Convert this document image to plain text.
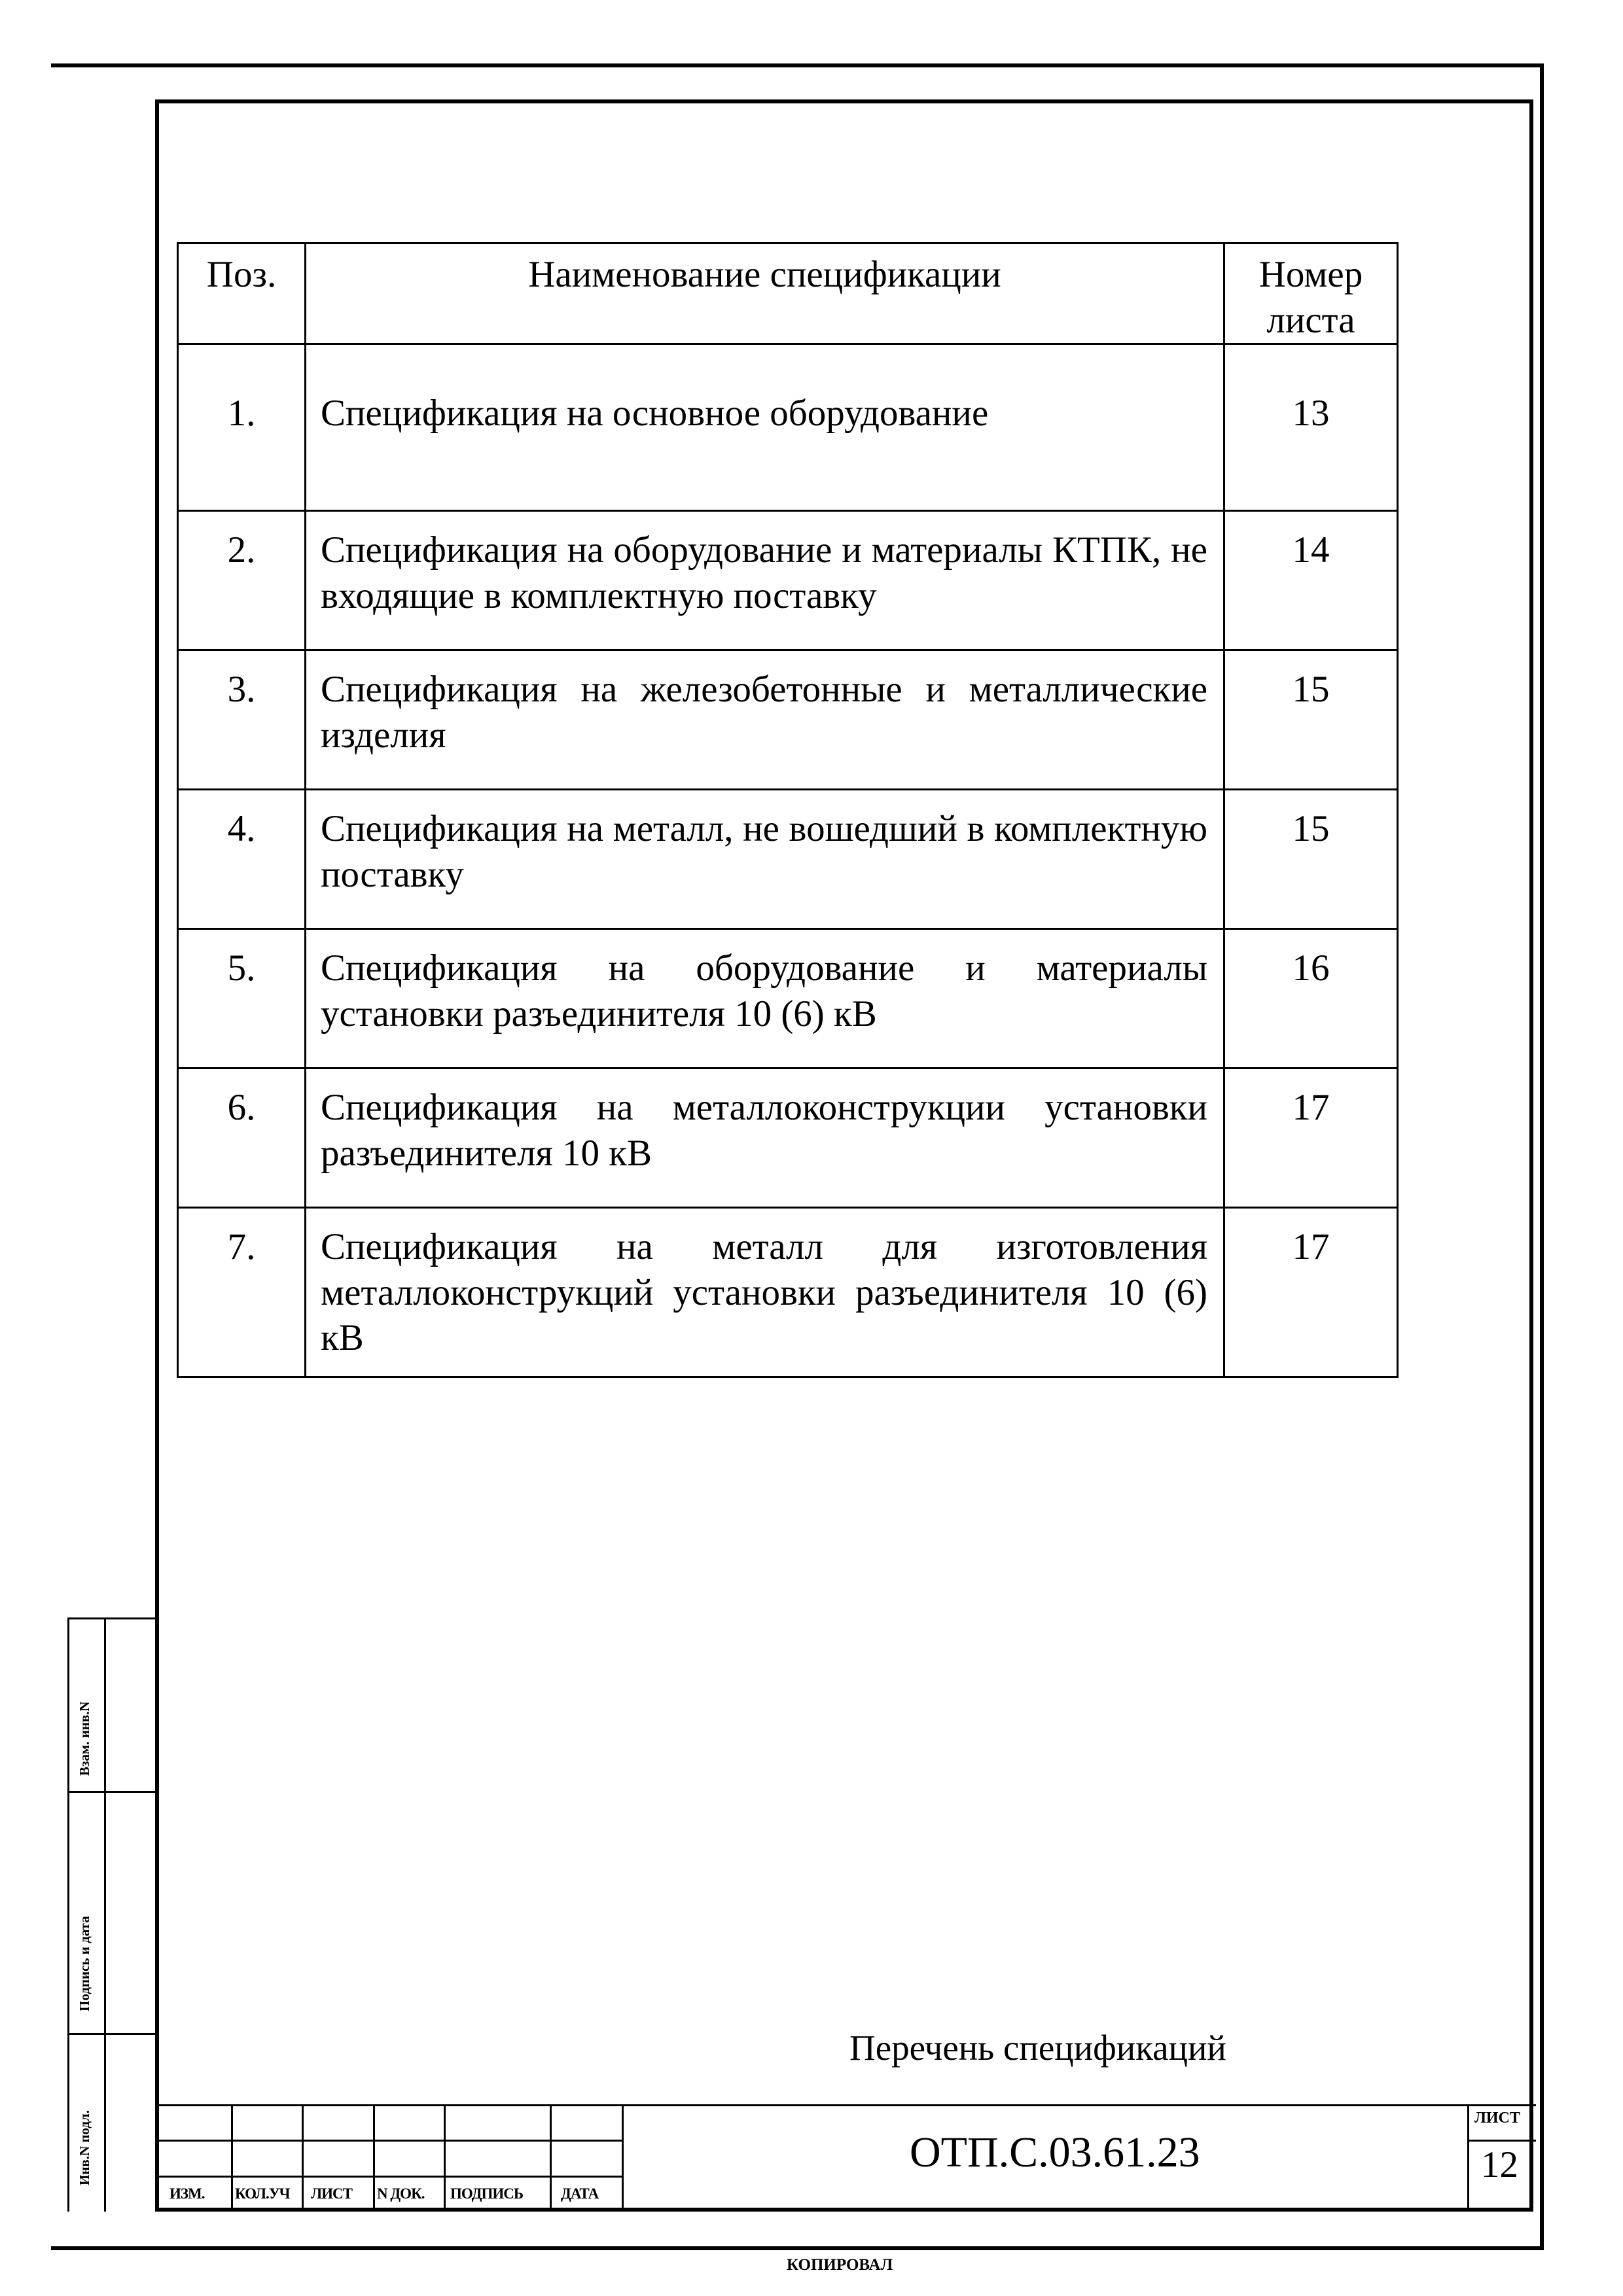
Поз.	Наименование спецификации	Номер
листа

1.	Спецификация на основное оборудование	13
2.	Спецификация на оборудование и материалы КТПК, не входящие в комплектную поставку	14
3.	Спецификация на железобетонные и металлические изделия	15
4.	Спецификация на металл, не вошедший в комплектную поставку	15
5.	Спецификация на оборудование и материалы установки разъединителя 10 (6) кВ	16
6.	Спецификация на металлоконструкции установки разъединителя 10 кВ	17
7.	Спецификация на металл для изготовления металлоконструкций установки разъединителя 10 (6) кВ	17
Взам. инв.N
Подпись и дата
Инв.N подл.
Перечень спецификаций
ИЗМ. КОЛ.УЧ ЛИСТ N ДОК. ПОДПИСЬ	ДАТА
ОТП.С.03.61.23
ЛИСТ
12
КОПИРОВАЛ
